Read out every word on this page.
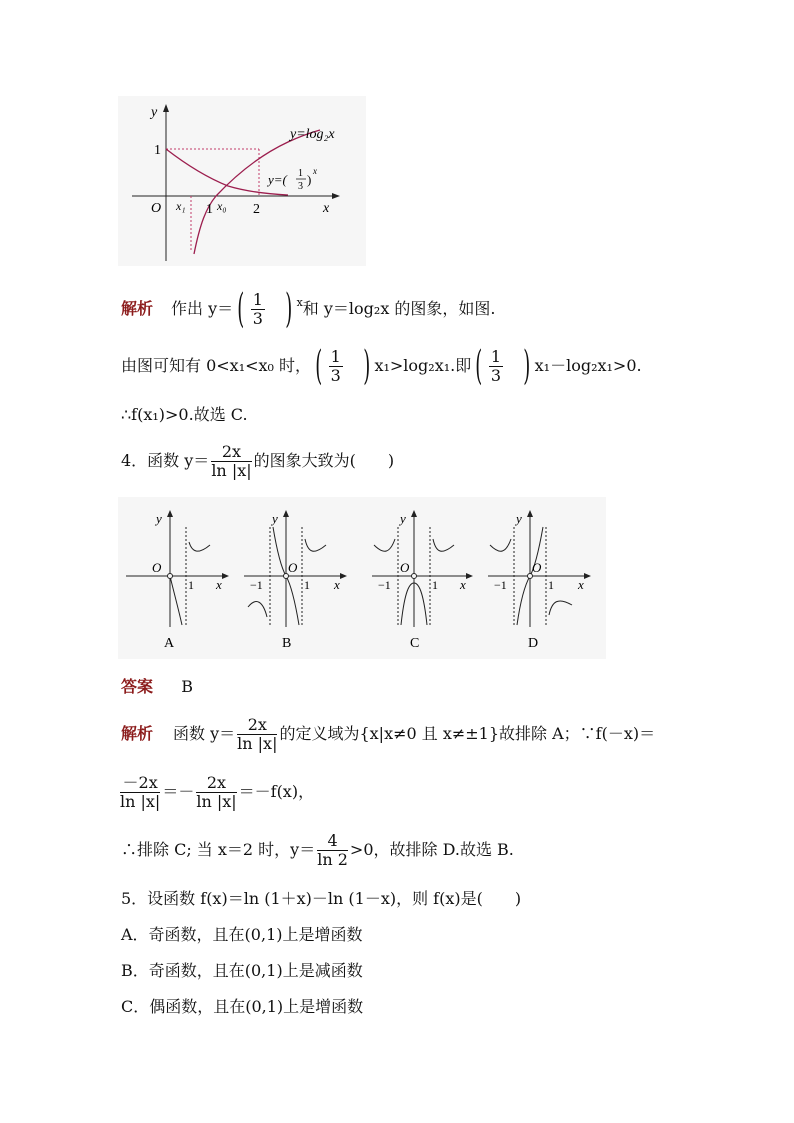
y
x
O
1
x₁ 1 x₀ 2
y=log₂x
y=( 1
3 )
x
解析 作出 y＝ ( $\frac{1}{3}$ ) $^x$ 和 y＝log₂x 的图象，如图.
由图可知有 0<x₁<x₀ 时， ( $\frac{1}{3}$ ) x₁>log₂x₁.即 ( $\frac{1}{3}$ ) x₁－log₂x₁>0.
∴f(x₁)>0.故选 C.
4．函数 $y= \frac{2x}{\ln |x|}$ 的图象大致为(　　)
y
O
1 x
A
y
O
−1	1 x
B
y
O
−1	1 x
C
y
O
−1	1 x
D
答案 B
解析 函数 $y= \frac{2x}{\ln |x|}$ 的定义域为{x|x≠0 且 x≠±1}故排除 A；∵f(－x)＝
$\frac{-2x}{\ln |x|} =- \frac{2x}{\ln |x|} =-f(x)$，
∴排除 C; 当 x＝2 时，$y= \frac{4}{\ln 2} >0$，故排除 D.故选 B.
5．设函数 f(x)＝ln (1＋x)－ln (1－x)，则 f(x)是(　　)
A．奇函数，且在(0,1)上是增函数
B．奇函数，且在(0,1)上是减函数
C．偶函数，且在(0,1)上是增函数
